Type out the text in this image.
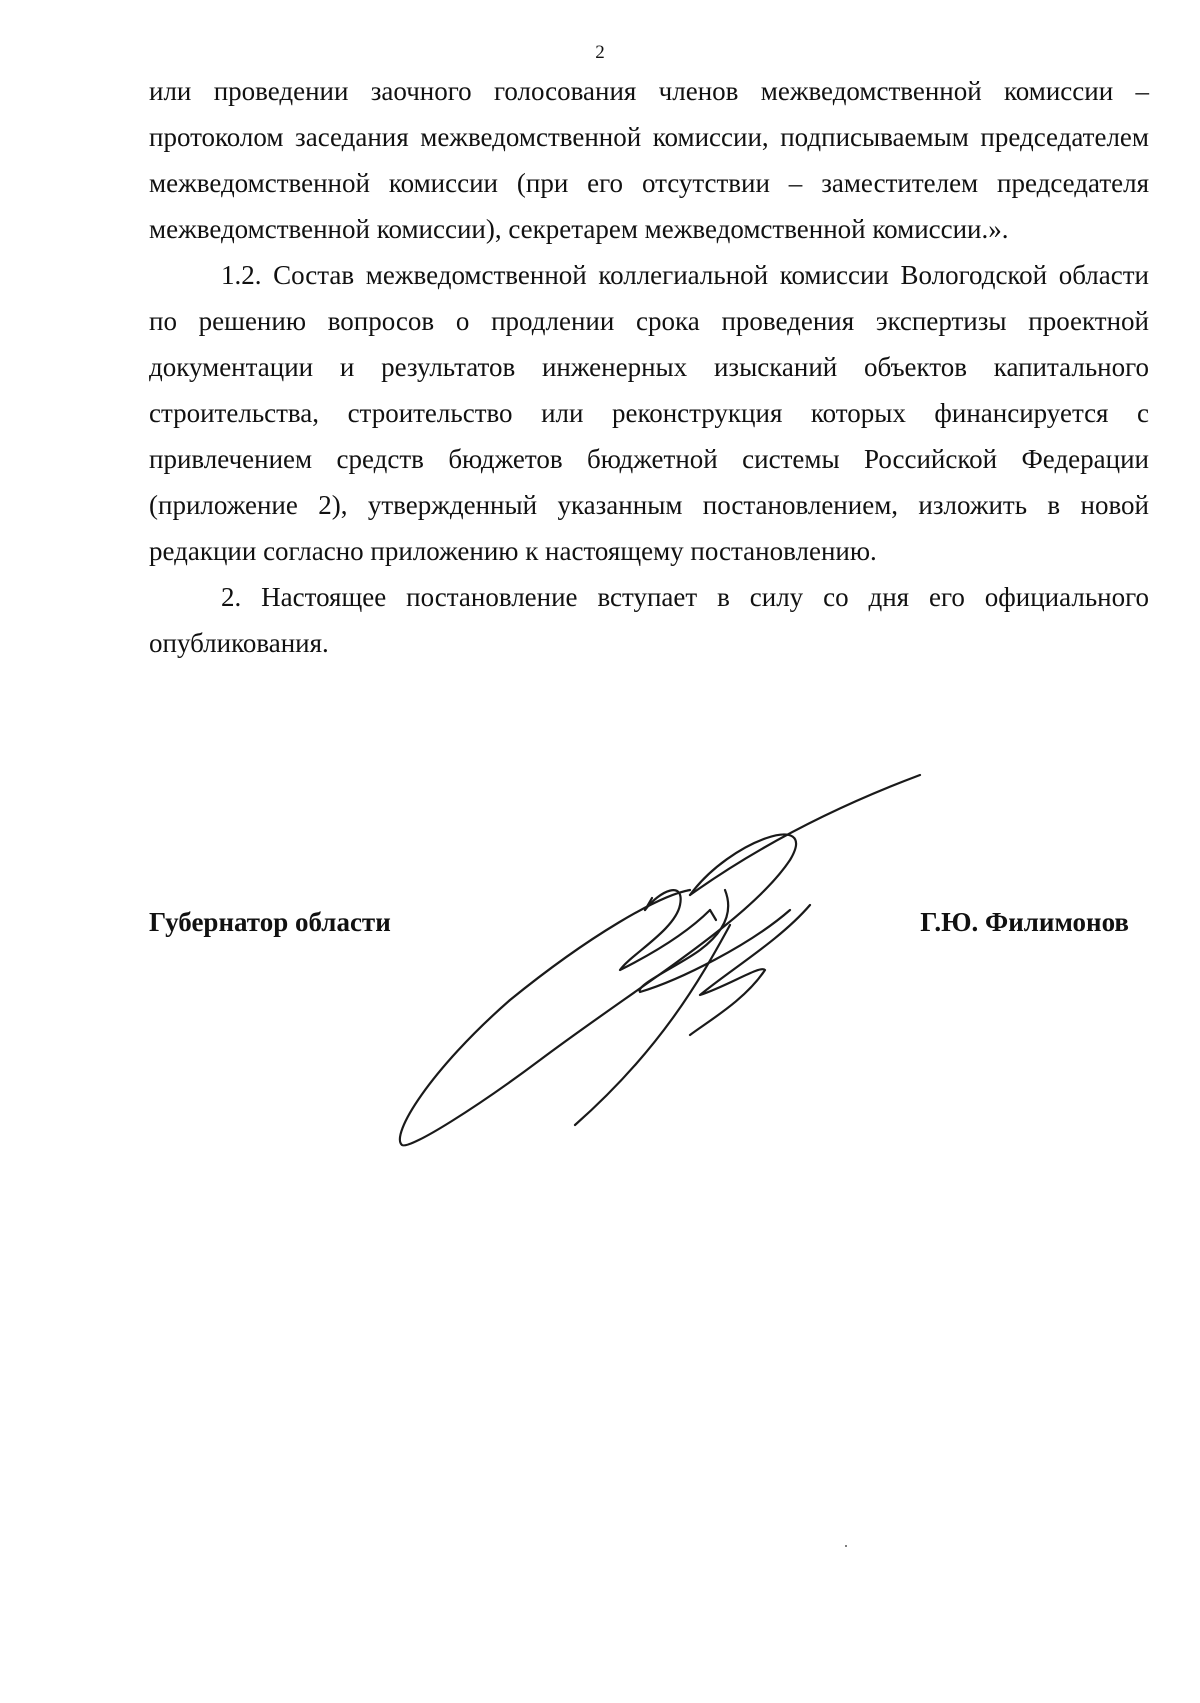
2

или проведении заочного голосования членов межведомственной комиссии – протоколом заседания межведомственной комиссии, подписываемым председателем межведомственной комиссии (при его отсутствии – заместителем председателя межведомственной комиссии), секретарем межведомственной комиссии.».

1.2. Состав межведомственной коллегиальной комиссии Вологодской области по решению вопросов о продлении срока проведения экспертизы проектной документации и результатов инженерных изысканий объектов капитального строительства, строительство или реконструкция которых финансируется с привлечением средств бюджетов бюджетной системы Российской Федерации (приложение 2), утвержденный указанным постановлением, изложить в новой редакции согласно приложению к настоящему постановлению.

2. Настоящее постановление вступает в силу со дня его официального опубликования.

Губернатор области	Г.Ю. Филимонов
